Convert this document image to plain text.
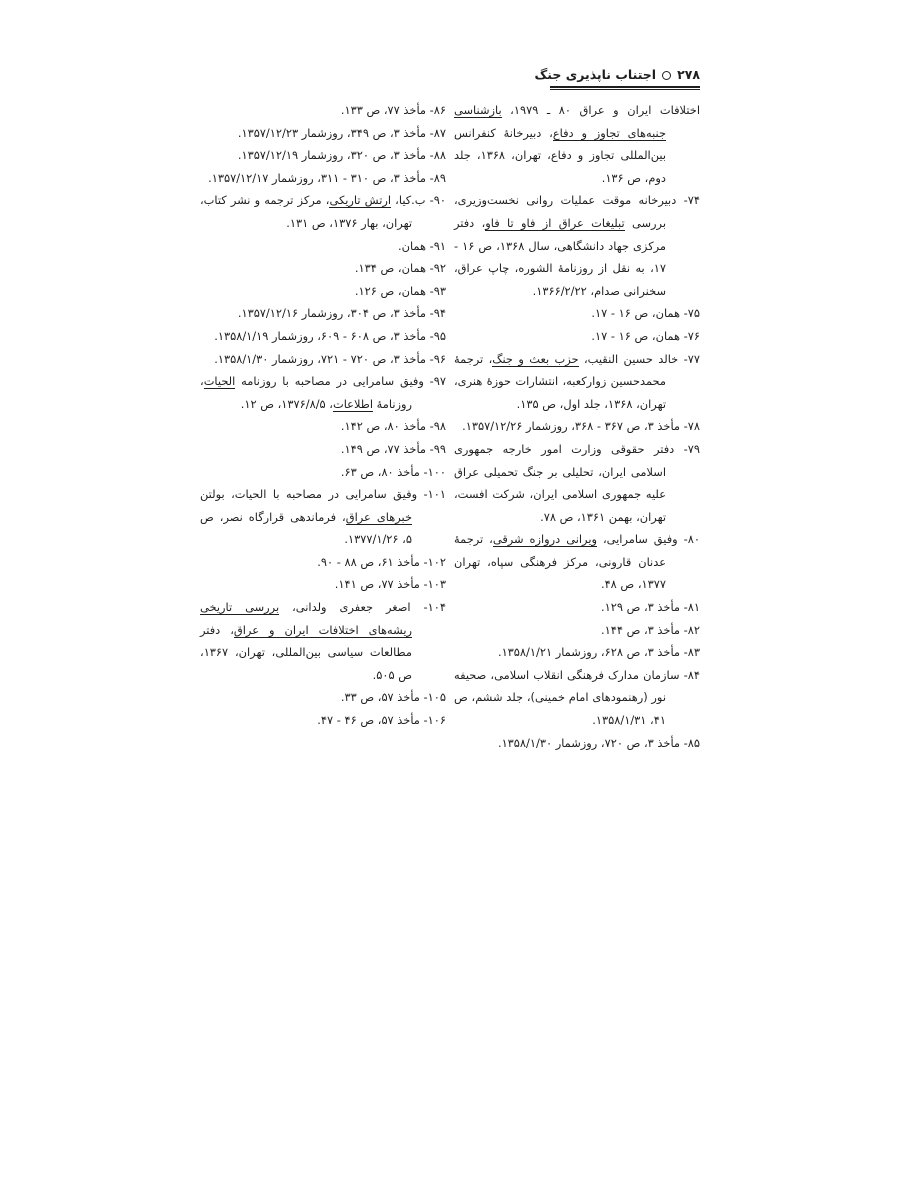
۲۷۸اجتناب ناپذیری جنگ

اختلافات ایران و عراق ۸۰ ـ ۱۹۷۹، بازشناسی جنبه‌های تجاوز و دفاع، دبیرخانهٔ کنفرانس بین‌المللی تجاوز و دفاع، تهران، ۱۳۶۸، جلد دوم، ص ۱۳۶.

۷۴- دبیرخانه موقت عملیات روانی نخست‌وزیری، بررسی تبلیغات عراق از فاو تا فاو، دفتر مرکزی جهاد دانشگاهی، سال ۱۳۶۸، ص ۱۶ - ۱۷، به نقل از روزنامهٔ الشوره، چاپ عراق، سخنرانی صدام، ۱۳۶۶/۲/۲۲.

۷۵- همان، ص ۱۶ - ۱۷.

۷۶- همان، ص ۱۶ - ۱۷.

۷۷- خالد حسین النقیب، حزب بعث و جنگ، ترجمهٔ محمدحسین زوارکعبه، انتشارات حوزهٔ هنری، تهران، ۱۳۶۸، جلد اول، ص ۱۳۵.

۷۸- مأخذ ۳، ص ۳۶۷ - ۳۶۸، روزشمار ۱۳۵۷/۱۲/۲۶.

۷۹- دفتر حقوقی وزارت امور خارجه جمهوری اسلامی ایران، تحلیلی بر جنگ تحمیلی عراق علیه جمهوری اسلامی ایران، شرکت افست، تهران، بهمن ۱۳۶۱، ص ۷۸.

۸۰- وفیق سامرایی، ویرانی دروازه شرقی، ترجمهٔ عدنان قارونی، مرکز فرهنگی سپاه، تهران ۱۳۷۷، ص ۴۸.

۸۱- مأخذ ۳، ص ۱۲۹.

۸۲- مأخذ ۳، ص ۱۴۴.

۸۳- مأخذ ۳، ص ۶۲۸، روزشمار ۱۳۵۸/۱/۲۱.

۸۴- سازمان مدارک فرهنگی انقلاب اسلامی، صحیفه نور (رهنمودهای امام خمینی)، جلد ششم، ص ۴۱، ۱۳۵۸/۱/۳۱.

۸۵- مأخذ ۳، ص ۷۲۰، روزشمار ۱۳۵۸/۱/۳۰.

۸۶- مأخذ ۷۷، ص ۱۳۳.

۸۷- مأخذ ۳، ص ۳۴۹، روزشمار ۱۳۵۷/۱۲/۲۳.

۸۸- مأخذ ۳، ص ۳۲۰، روزشمار ۱۳۵۷/۱۲/۱۹.

۸۹- مأخذ ۳، ص ۳۱۰ - ۳۱۱، روزشمار ۱۳۵۷/۱۲/۱۷.

۹۰- ب.کیا، ارتش تاریکی، مرکز ترجمه و نشر کتاب، تهران، بهار ۱۳۷۶، ص ۱۳۱.

۹۱- همان.

۹۲- همان، ص ۱۳۴.

۹۳- همان، ص ۱۲۶.

۹۴- مأخذ ۳، ص ۳۰۴، روزشمار ۱۳۵۷/۱۲/۱۶.

۹۵- مأخذ ۳، ص ۶۰۸ - ۶۰۹، روزشمار ۱۳۵۸/۱/۱۹.

۹۶- مأخذ ۳، ص ۷۲۰ - ۷۲۱، روزشمار ۱۳۵۸/۱/۳۰.

۹۷- وفیق سامرایی در مصاحبه با روزنامه الحیات، روزنامهٔ اطلاعات، ۱۳۷۶/۸/۵، ص ۱۲.

۹۸- مأخذ ۸۰، ص ۱۴۲.

۹۹- مأخذ ۷۷، ص ۱۴۹.

۱۰۰- مأخذ ۸۰، ص ۶۳.

۱۰۱- وفیق سامرایی در مصاحبه با الحیات، بولتن خبرهای عراق، فرماندهی قرارگاه نصر، ص ۵، ۱۳۷۷/۱/۲۶.

۱۰۲- مأخذ ۶۱، ص ۸۸ - ۹۰.

۱۰۳- مأخذ ۷۷، ص ۱۴۱.

۱۰۴- اصغر جعفری ولدانی، بررسی تاریخی ریشه‌های اختلافات ایران و عراق، دفتر مطالعات سیاسی بین‌المللی، تهران، ۱۳۶۷، ص ۵۰۵.

۱۰۵- مأخذ ۵۷، ص ۳۳.

۱۰۶- مأخذ ۵۷، ص ۴۶ - ۴۷.
